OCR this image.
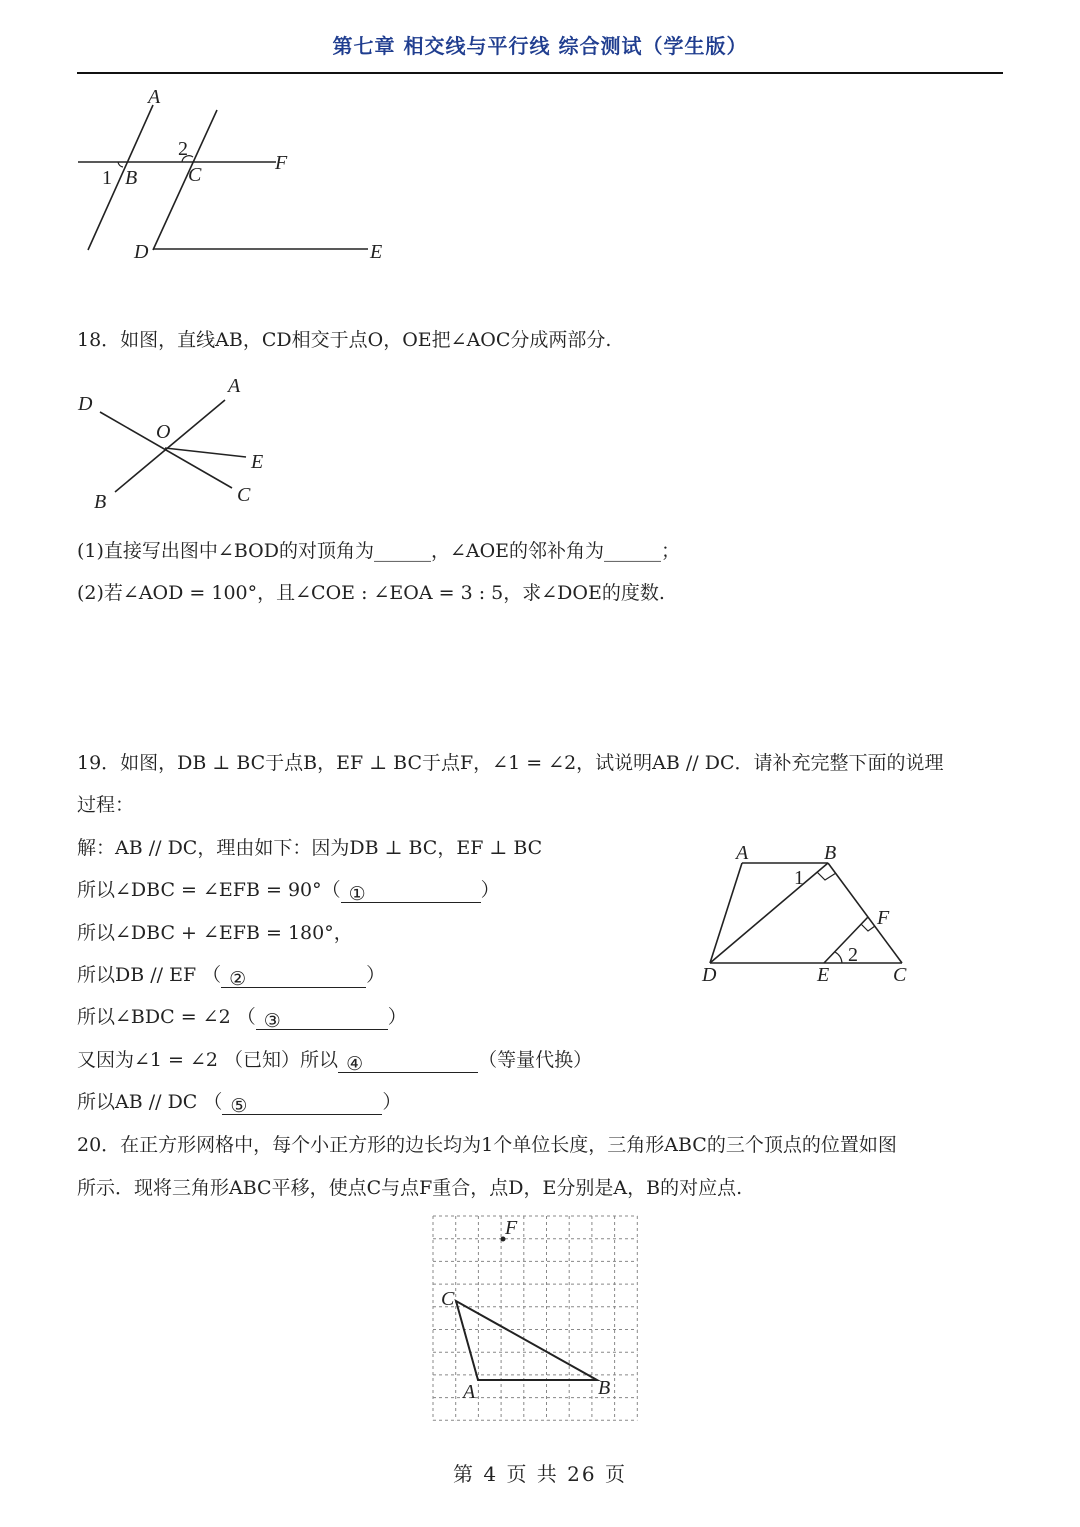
第七章 相交线与平行线 综合测试（学生版）
A
1 B
2
C
F
D	E
18．如图，直线AB，CD相交于点O，OE把∠AOC分成两部分.
A
D
O
E
C
B
(1)直接写出图中∠BOD的对顶角为______，∠AOE的邻补角为______；
(2)若∠AOD = 100°，且∠COE : ∠EOA = 3 : 5，求∠DOE的度数.
19．如图，DB ⊥ BC于点B，EF ⊥ BC于点F，∠1 = ∠2，试说明AB // DC．请补充完整下面的说理
过程：
解：AB // DC，理由如下：因为DB ⊥ BC，EF ⊥ BC
所以∠DBC = ∠EFB = 90°（ ①	）
所以∠DBC + ∠EFB = 180°，
所以DB // EF （ ②	）
所以∠BDC = ∠2 （ ③	）
又因为∠1 = ∠2 （已知）所以 ④	（等量代换）
所以AB // DC （ ⑤	）
A	B
1
F
2
D	E	C
20．在正方形网格中，每个小正方形的边长均为1个单位长度，三角形ABC的三个顶点的位置如图
所示．现将三角形ABC平移，使点C与点F重合，点D，E分别是A，B的对应点.
F
C
A	B
第 4 页 共 26 页
